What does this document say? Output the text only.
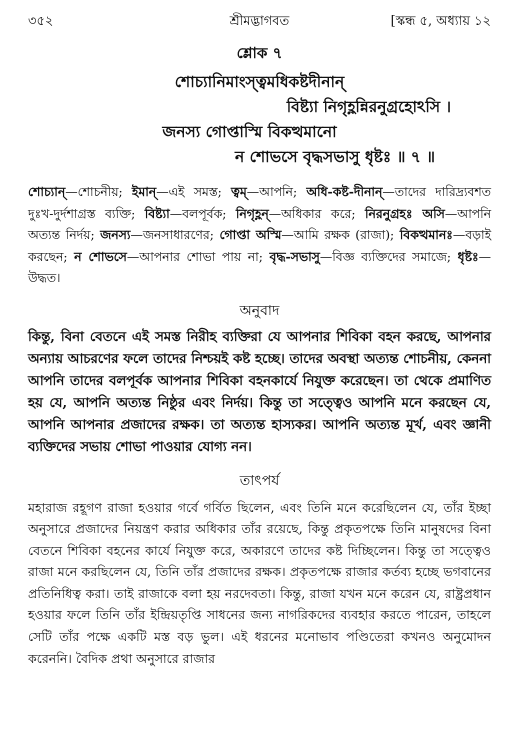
৩৫২	শ্রীমদ্ভাগবত	[স্কন্ধ ৫, অধ্যায় ১২
শ্লোক ৭
শোচ্যানিমাংস্ত্বমধিকষ্টদীনান্
বিষ্ট্যা নিগৃহ্ণন্নিরনুগ্রহোঽসি ।
জনস্য গোপ্তাস্মি বিকত্থমানো
ন শোভসে বৃদ্ধসভাসু ধৃষ্টঃ ॥ ৭ ॥
শোচ্যান্—শোচনীয়; ইমান্—এই সমস্ত; ত্বম্—আপনি; অধি-কষ্ট-দীনান্—তাদের দারিদ্র্যবশত দুঃখ-দুর্দশাগ্রস্ত ব্যক্তি; বিষ্ট্যা—বলপূর্বক; নিগৃহ্ণন্—অধিকার করে; নিরনুগ্রহঃ অসি—আপনি অত্যন্ত নির্দয়; জনস্য—জনসাধারণের; গোপ্তা অস্মি—আমি রক্ষক (রাজা); বিকত্থমানঃ—বড়াই করছেন; ন শোভসে—আপনার শোভা পায় না; বৃদ্ধ-সভাসু—বিজ্ঞ ব্যক্তিদের সমাজে; ধৃষ্টঃ—উদ্ধত।
অনুবাদ
কিন্তু, বিনা বেতনে এই সমস্ত নিরীহ ব্যক্তিরা যে আপনার শিবিকা বহন করছে, আপনার অন্যায় আচরণের ফলে তাদের নিশ্চয়ই কষ্ট হচ্ছে। তাদের অবস্থা অত্যন্ত শোচনীয়, কেননা আপনি তাদের বলপূর্বক আপনার শিবিকা বহনকার্যে নিযুক্ত করেছেন। তা থেকে প্রমাণিত হয় যে, আপনি অত্যন্ত নিষ্ঠুর এবং নির্দয়। কিন্তু তা সত্ত্বেও আপনি মনে করছেন যে, আপনি আপনার প্রজাদের রক্ষক। তা অত্যন্ত হাস্যকর। আপনি অত্যন্ত মূর্খ, এবং জ্ঞানী ব্যক্তিদের সভায় শোভা পাওয়ার যোগ্য নন।
তাৎপর্য
মহারাজ রহূগণ রাজা হওয়ার গর্বে গর্বিত ছিলেন, এবং তিনি মনে করেছিলেন যে, তাঁর ইচ্ছা অনুসারে প্রজাদের নিয়ন্ত্রণ করার অধিকার তাঁর রয়েছে, কিন্তু প্রকৃতপক্ষে তিনি মানুষদের বিনা বেতনে শিবিকা বহনের কার্যে নিযুক্ত করে, অকারণে তাদের কষ্ট দিচ্ছিলেন। কিন্তু তা সত্ত্বেও রাজা মনে করছিলেন যে, তিনি তাঁর প্রজাদের রক্ষক। প্রকৃতপক্ষে রাজার কর্তব্য হচ্ছে ভগবানের প্রতিনিধিত্ব করা। তাই রাজাকে বলা হয় নরদেবতা। কিন্তু, রাজা যখন মনে করেন যে, রাষ্ট্রপ্রধান হওয়ার ফলে তিনি তাঁর ইন্দ্রিয়তৃপ্তি সাধনের জন্য নাগরিকদের ব্যবহার করতে পারেন, তাহলে সেটি তাঁর পক্ষে একটি মস্ত বড় ভুল। এই ধরনের মনোভাব পণ্ডিতেরা কখনও অনুমোদন করেননি। বৈদিক প্রথা অনুসারে রাজার
